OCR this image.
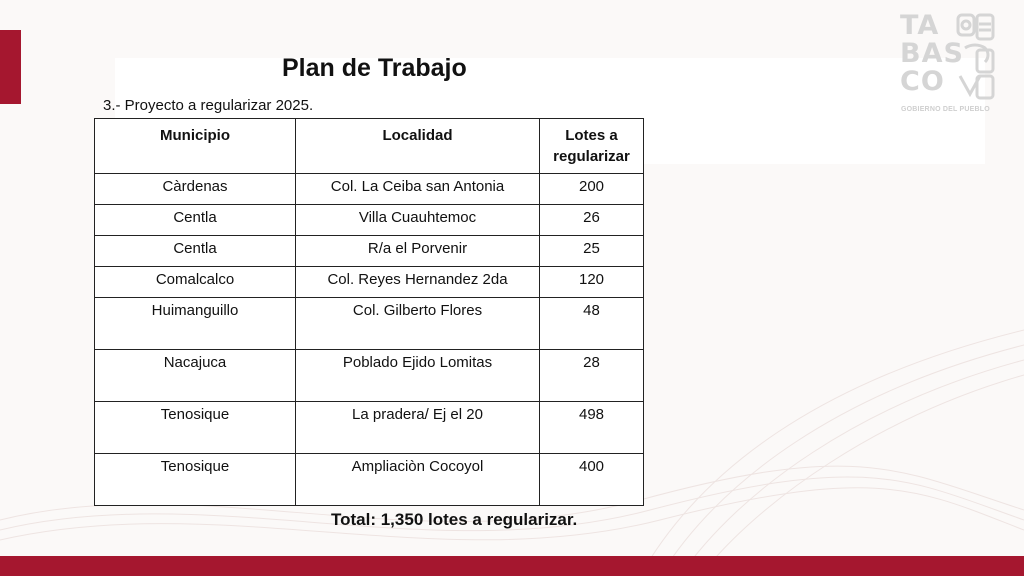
Plan de Trabajo
3.- Proyecto a regularizar 2025.
Municipio	Localidad	Lotes a
regularizar
Càrdenas	Col. La Ceiba san Antonia	200
Centla	Villa Cuauhtemoc	26
Centla	R/a el Porvenir	25
Comalcalco	Col. Reyes Hernandez 2da	120
Huimanguillo	Col. Gilberto Flores	48
Nacajuca	Poblado Ejido Lomitas	28
Tenosique	La pradera/ Ej el 20	498
Tenosique	Ampliaciòn Cocoyol	400
Total: 1,350 lotes a regularizar.
TA
BAS
CO
GOBIERNO DEL PUEBLO
